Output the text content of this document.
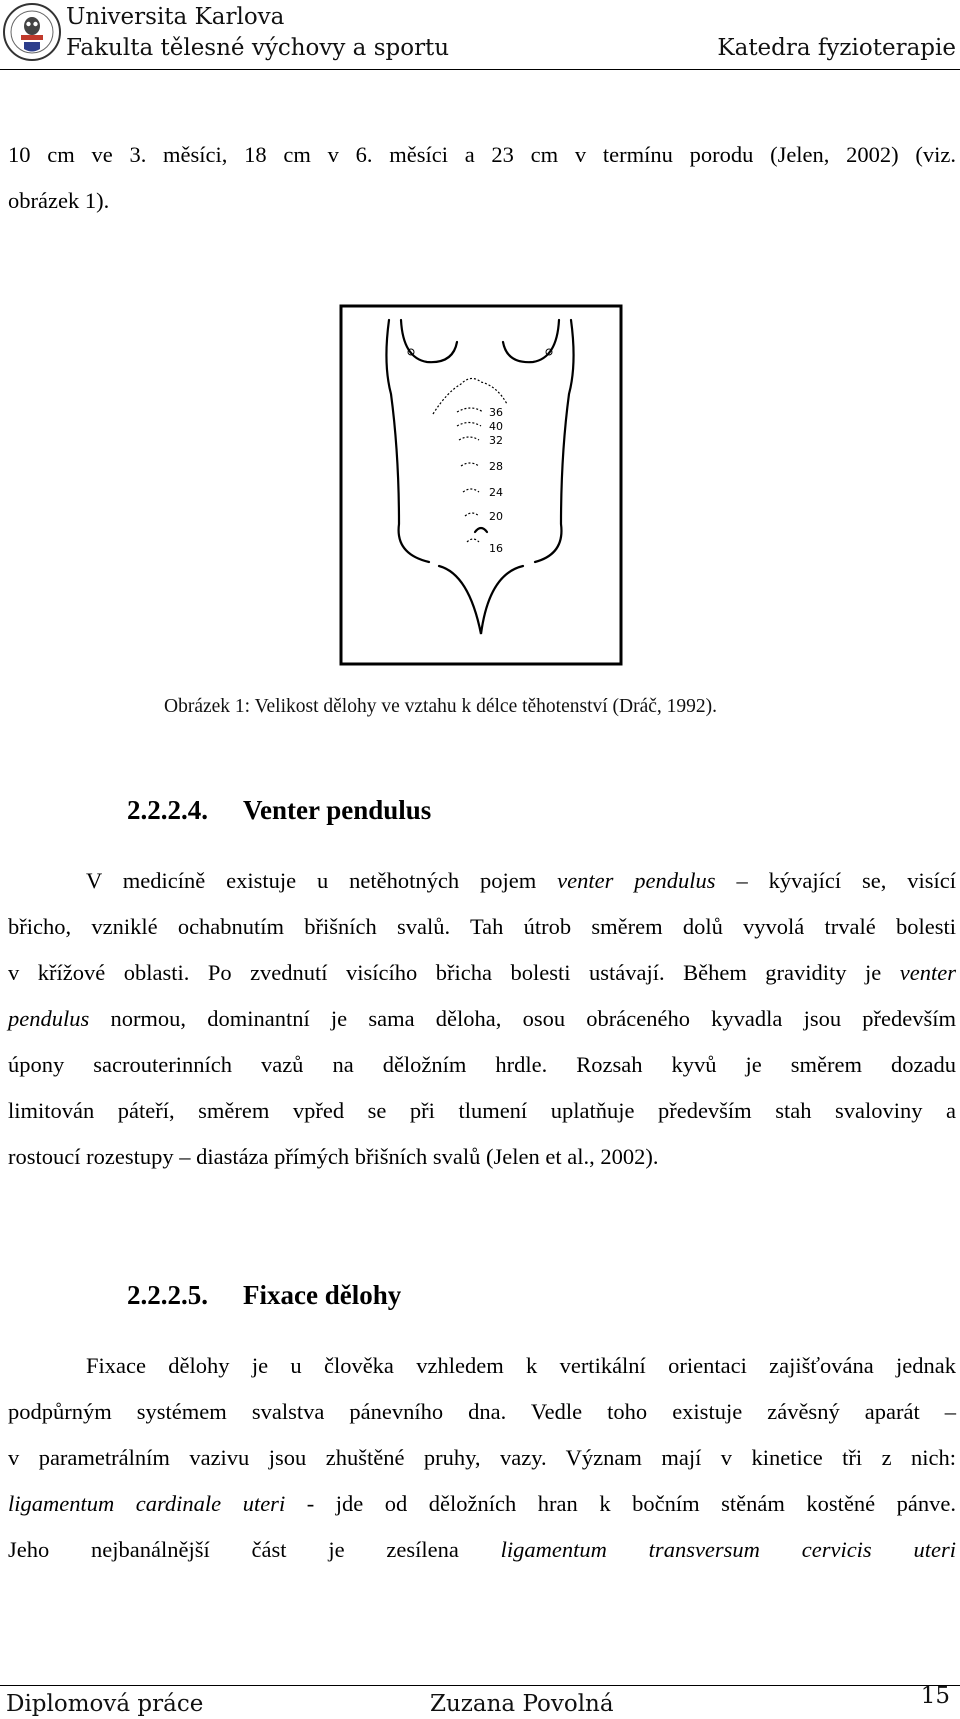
Universita Karlova
Fakulta tělesné výchovy a sportu	Katedra fyzioterapie
10 cm ve 3. měsíci, 18 cm v 6. měsíci a 23 cm v termínu porodu (Jelen, 2002) (viz.
obrázek 1).
36
40
32
28
24
20
16
Obrázek 1: Velikost dělohy ve vztahu k délce těhotenství (Dráč, 1992).
2.2.2.4. Venter pendulus
V medicíně existuje u netěhotných pojem venter pendulus – kývající se, visící
břicho, vzniklé ochabnutím břišních svalů. Tah útrob směrem dolů vyvolá trvalé bolesti
v křížové oblasti. Po zvednutí visícího břicha bolesti ustávají. Během gravidity je venter
pendulus normou, dominantní je sama děloha, osou obráceného kyvadla jsou především
úpony sacrouterinních vazů na děložním hrdle. Rozsah kyvů je směrem dozadu
limitován páteří, směrem vpřed se při tlumení uplatňuje především stah svaloviny a
rostoucí rozestupy – diastáza přímých břišních svalů (Jelen et al., 2002).
2.2.2.5. Fixace dělohy
Fixace dělohy je u člověka vzhledem k vertikální orientaci zajišťována jednak
podpůrným systémem svalstva pánevního dna. Vedle toho existuje závěsný aparát –
v parametrálním vazivu jsou zhuštěné pruhy, vazy. Význam mají v kinetice tři z nich:
ligamentum cardinale uteri - jde od děložních hran k bočním stěnám kostěné pánve.
Jeho nejbanálnější část je zesílena ligamentum transversum cervicis uteri
Diplomová práce	Zuzana Povolná	15
